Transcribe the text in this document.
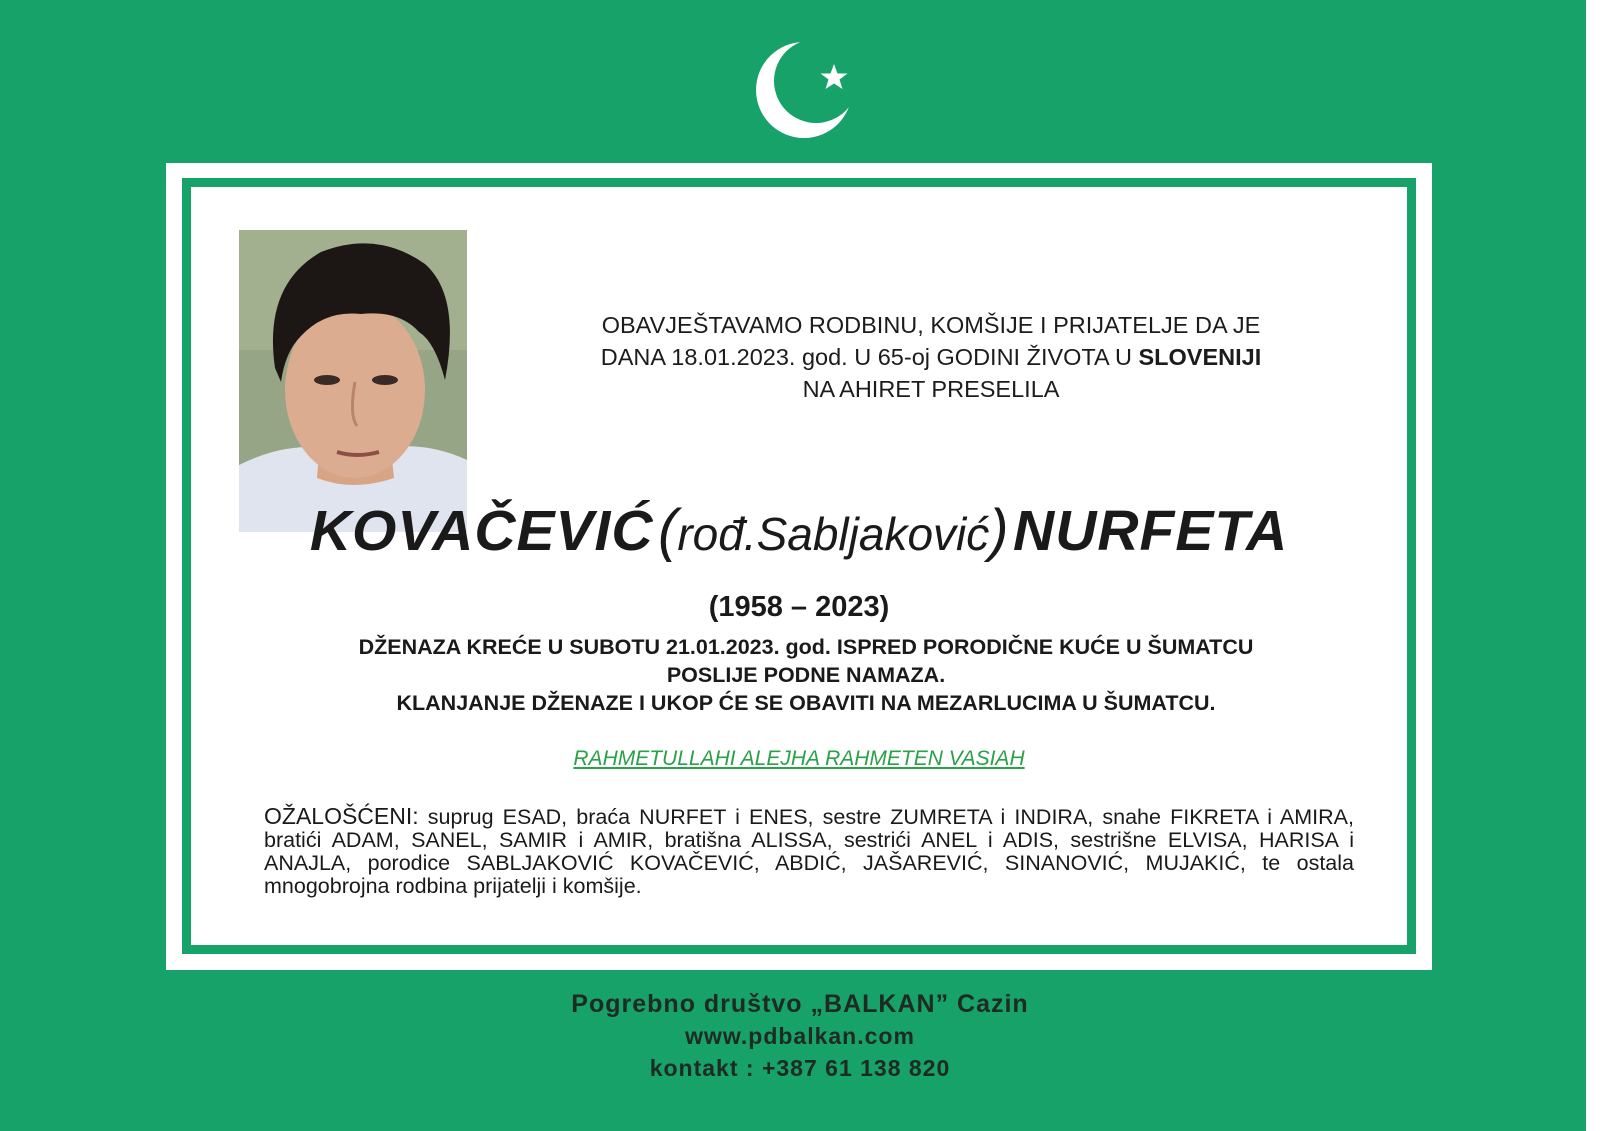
OBAVJEŠTAVAMO RODBINU, KOMŠIJE I PRIJATELJE DA JE
DANA 18.01.2023. god. U 65-oj GODINI ŽIVOTA U SLOVENIJI
NA AHIRET PRESELILA
KOVAČEVIĆ (rođ.Sabljaković) NURFETA
(1958 – 2023)
DŽENAZA KREĆE U SUBOTU 21.01.2023. god. ISPRED PORODIČNE KUĆE U ŠUMATCU
POSLIJE PODNE NAMAZA.
KLANJANJE DŽENAZE I UKOP ĆE SE OBAVITI NA MEZARLUCIMA U ŠUMATCU.
RAHMETULLAHI ALEJHA RAHMETEN VASIAH
OŽALOŠĆENI: suprug ESAD, braća NURFET i ENES, sestre ZUMRETA i INDIRA, snahe FIKRETA i AMIRA, bratići ADAM, SANEL, SAMIR i AMIR, bratišna ALISSA, sestrići ANEL i ADIS, sestrišne ELVISA, HARISA i ANAJLA, porodice SABLJAKOVIĆ KOVAČEVIĆ, ABDIĆ, JAŠAREVIĆ, SINANOVIĆ, MUJAKIĆ, te ostala mnogobrojna rodbina prijatelji i komšije.
Pogrebno društvo „BALKAN” Cazin
www.pdbalkan.com
kontakt : +387 61 138 820
